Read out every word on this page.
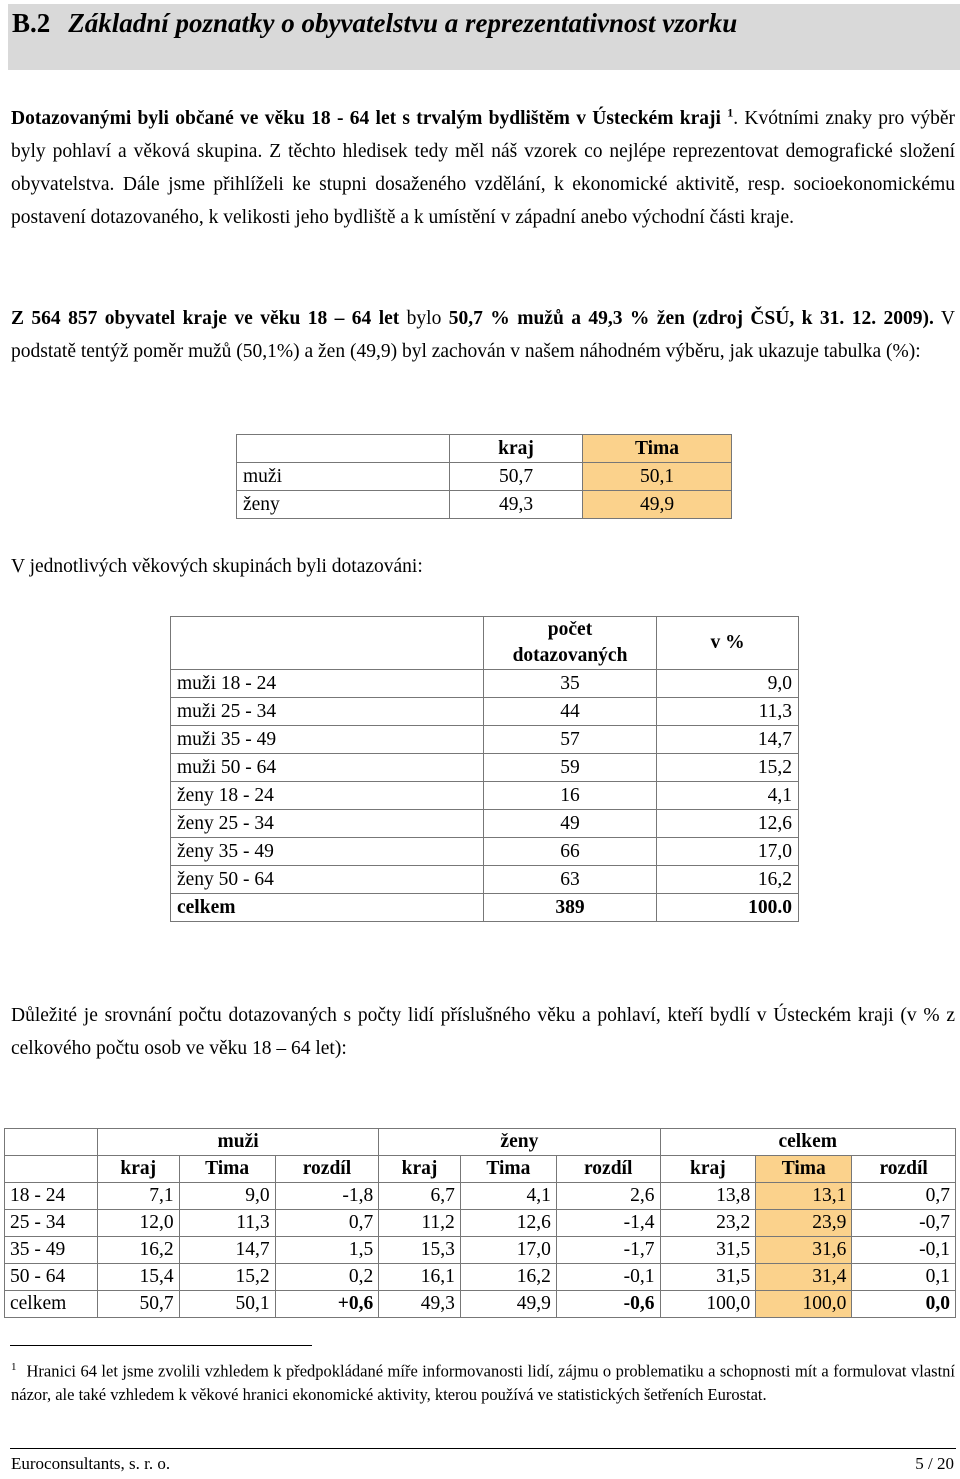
B.2 Základní poznatky o obyvatelstvu a reprezentativnost vzorku
Dotazovanými byli občané ve věku 18 - 64 let s trvalým bydlištěm v Ústeckém kraji $^1$. Kvótními znaky pro výběr byly pohlaví a věková skupina. Z těchto hledisek tedy měl náš vzorek co nejlépe reprezentovat demografické složení obyvatelstva. Dále jsme přihlíželi ke stupni dosaženého vzdělání, k ekonomické aktivitě, resp. socioekonomickému postavení dotazovaného, k velikosti jeho bydliště a k umístění v západní anebo východní části kraje.
Z 564 857 obyvatel kraje ve věku 18 – 64 let bylo 50,7 % mužů a 49,3 % žen (zdroj ČSÚ, k 31. 12. 2009). V podstatě tentýž poměr mužů (50,1%) a žen (49,9) byl zachován v našem náhodném výběru, jak ukazuje tabulka (%):
	kraj	Tima
muži	50,7	50,1
ženy	49,3	49,9
V jednotlivých věkových skupinách byli dotazováni:
	počet dotazovaných	v %
muži 18 - 24	35	9,0
muži 25 - 34	44	11,3
muži 35 - 49	57	14,7
muži 50 - 64	59	15,2
ženy 18 - 24	16	4,1
ženy 25 - 34	49	12,6
ženy 35 - 49	66	17,0
ženy 50 - 64	63	16,2
celkem	389	100.0
Důležité je srovnání počtu dotazovaných s počty lidí příslušného věku a pohlaví, kteří bydlí v Ústeckém kraji (v % z celkového počtu osob ve věku 18 – 64 let):
	muži			ženy			celkem		
	kraj	Tima	rozdíl	kraj	Tima	rozdíl	kraj	Tima	rozdíl
18 - 24	7,1	9,0	-1,8	6,7	4,1	2,6	13,8	13,1	0,7
25 - 34	12,0	11,3	0,7	11,2	12,6	-1,4	23,2	23,9	-0,7
35 - 49	16,2	14,7	1,5	15,3	17,0	-1,7	31,5	31,6	-0,1
50 - 64	15,4	15,2	0,2	16,1	16,2	-0,1	31,5	31,4	0,1
celkem	50,7	50,1	+0,6	49,3	49,9	-0,6	100,0	100,0	0,0
$^1$ Hranici 64 let jsme zvolili vzhledem k předpokládané míře informovanosti lidí, zájmu o problematiku a schopnosti mít a formulovat vlastní názor, ale také vzhledem k věkové hranici ekonomické aktivity, kterou používá ve statistických šetřeních Eurostat.
Euroconsultants, s. r. o.	5 / 20
